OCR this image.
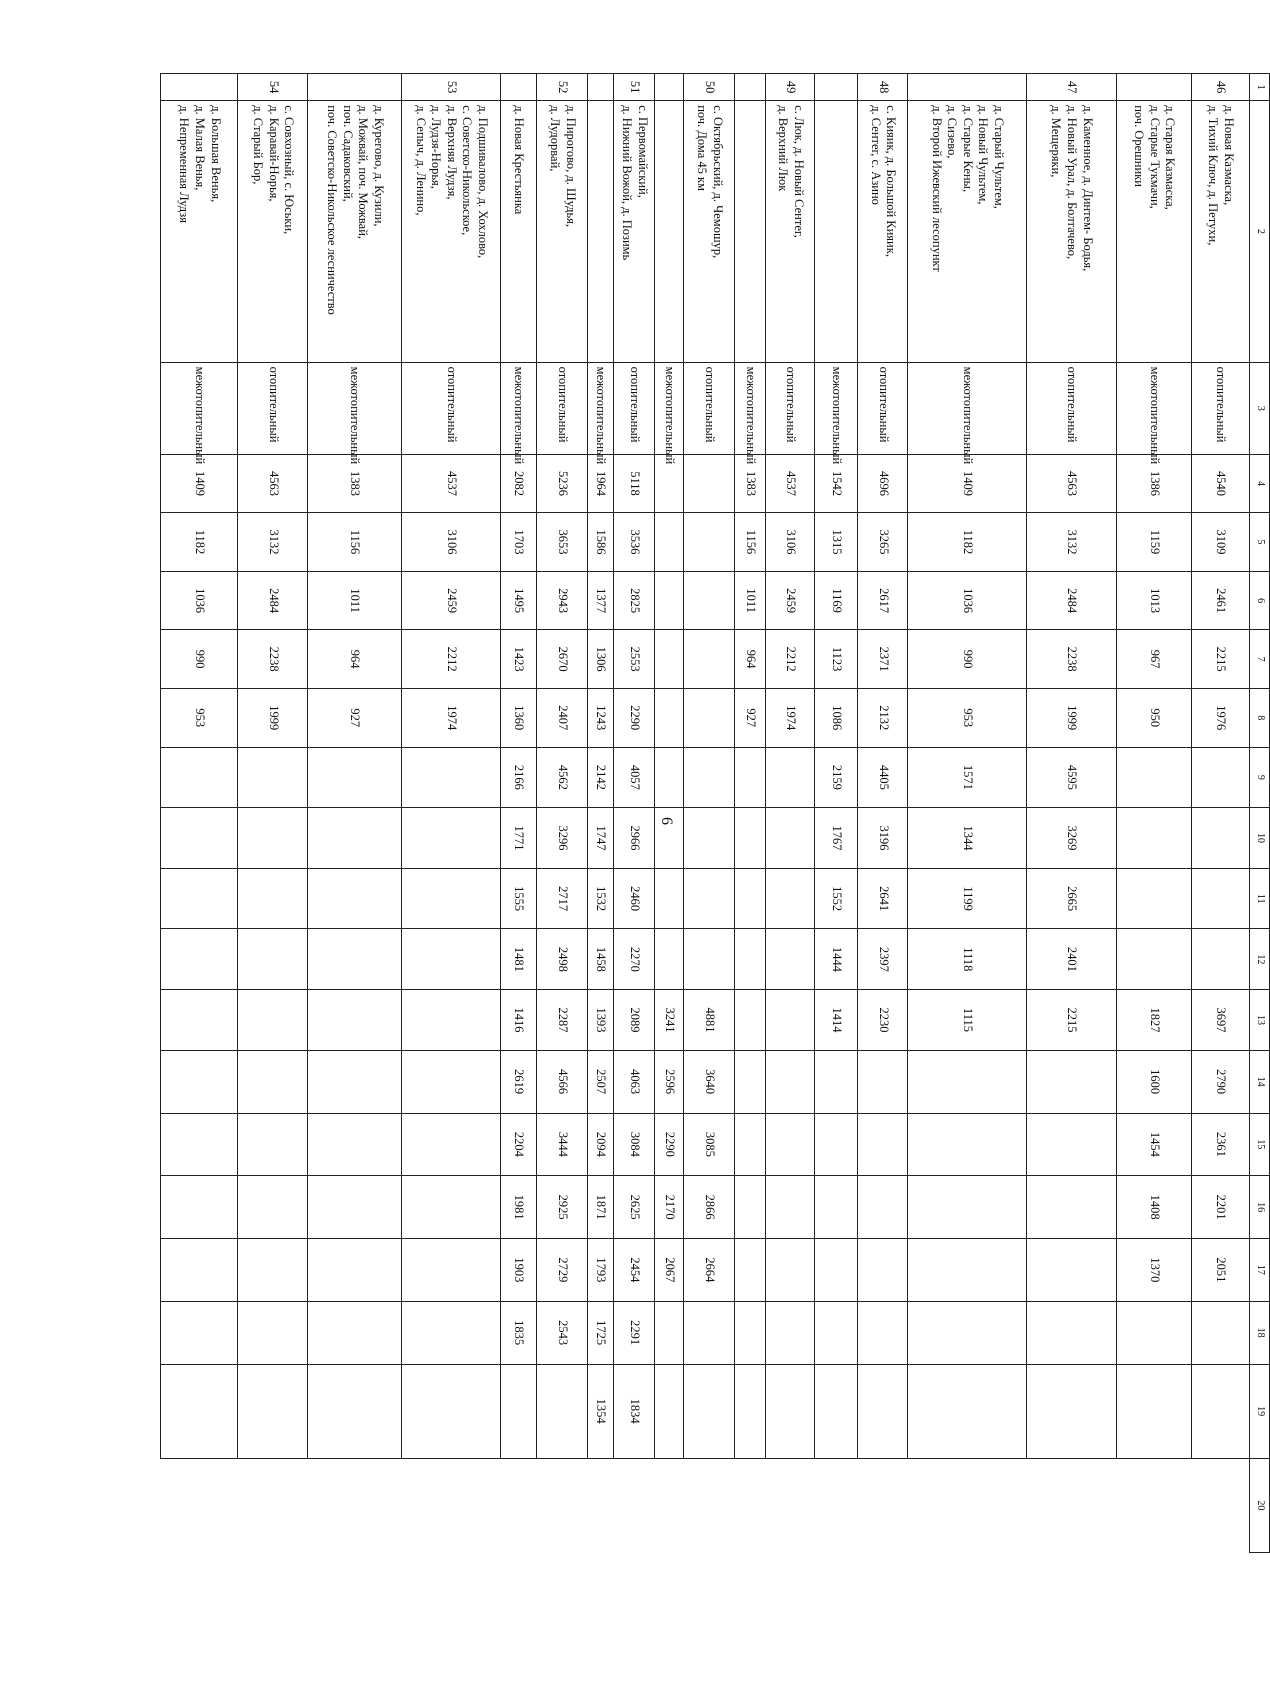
6
1	2	3	4	5	6	7	8	9	10	11	12	13	14	15	16	17	18	19	20
46	д. Новая Казмаска,
д. Тихий Ключ, д. Петухи,	отопительный	4540	3109	2461	2215	1976					3697	2790	2361	2201	2051			

	д. Старая Казмаска,
д. Старые Тукмачи,
поч. Орешники	межотопительный	1386	1159	1013	967	950					1827	1600	1454	1408	1370			
47	д. Каменное, д. Динтем- Бодья,
д. Новый Урал, д. Болтачево,
д. Мещеряки,	отопительный	4563	3132	2484	2238	1999	4595	3269	2665	2401	2215							

	д. Старый Чультем,
д. Новый Чультем,
д. Старые Кены,
д. Сизево,
д. Второй Ижевский лесопункт	межотопительный	1409	1182	1036	990	953	1571	1344	1199	1118	1115							
48	с. Кияик, д. Большой Кияик,
д. Сентег, с. Азино	отопительный	4696	3265	2617	2371	2132	4405	3196	2641	2397	2230							
		межотопительный	1542	1315	1169	1123	1086	2159	1767	1552	1444	1414							
49	с. Люк, д. Новый Сентег,
д. Верхний Люк	отопительный	4537	3106	2459	2212	1974												
		межотопительный	1383	1156	1011	964	927												
50	с. Октябрьский, д. Чемошур,
поч. Дома 45 км	отопительный										4881	3640	3085	2866	2664			
		межотопительный										3241	2596	2290	2170	2067			
51	с. Первомайский,
д. Нижний Вожой, д. Позимь	отопительный	5118	3536	2825	2553	2290	4057	2966	2460	2270	2089	4063	3084	2625	2454	2291	1834	
		межотопительный	1964	1586	1377	1306	1243	2142	1747	1532	1458	1393	2507	2094	1871	1793	1725	1354	
52	д. Пирогово, д. Шудья,
д. Лудорвай,	отопительный	5236	3653	2943	2670	2407	4562	3296	2717	2498	2287	4566	3444	2925	2729	2543		

	д. Новая Крестьянка	межотопительный	2082	1703	1495	1423	1360	2166	1771	1555	1481	1416	2619	2204	1981	1903	1835		
53	д. Подшивалово, д. Хохлово,
с. Советско-Никольское,
д. Верхняя Лудзя,
д. Лудзя-Норья,
д. Сепыч, д. Ленино,	отопительный	4537	3106	2459	2212	1974												

	д. Курегово, д. Кузили,
д. Можвай, поч. Можвай,
поч. Садаковский,
поч. Советско-Никольское лесничество	межотопительный	1383	1156	1011	964	927												
54	с. Совхозный, с. Юськи,
д. Каравай-Норья,
д. Старый Бор,	отопительный	4563	3132	2484	2238	1999												

	д. Большая Венья,
д. Малая Венья,
д. Непременная Лудзя	межотопительный	1409	1182	1036	990	953												
